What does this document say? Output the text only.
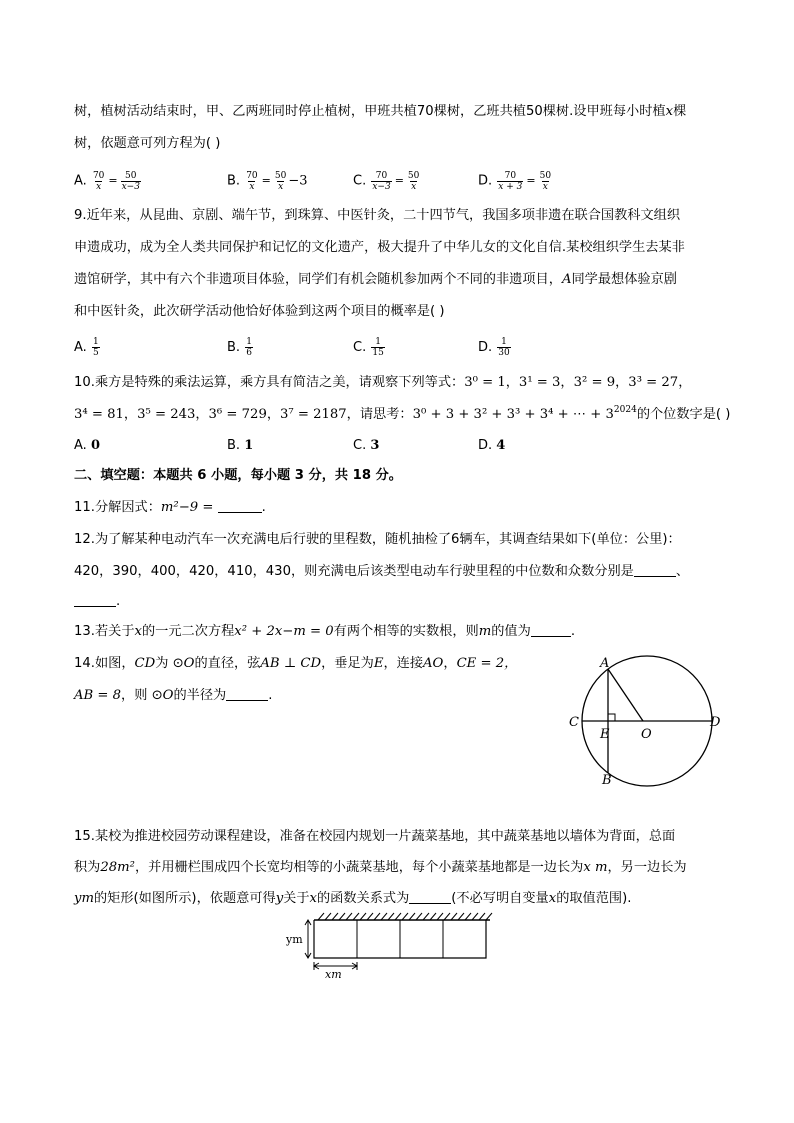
树，植树活动结束时，甲、乙两班同时停止植树，甲班共植70棵树，乙班共植50棵树.设甲班每小时植x棵
树，依题意可列方程为( )
A. $\frac{70}{x} = \frac{50}{x-3}$	B. $\frac{70}{x} = \frac{50}{x} -3$	C. $\frac{70}{x-3} = \frac{50}{x}$	D. $\frac{70}{x + 3} = \frac{50}{x}$
9.近年来，从昆曲、京剧、端午节，到珠算、中医针灸，二十四节气，我国多项非遗在联合国教科文组织
申遗成功，成为全人类共同保护和记忆的文化遗产，极大提升了中华儿女的文化自信.某校组织学生去某非
遗馆研学，其中有六个非遗项目体验，同学们有机会随机参加两个不同的非遗项目，A同学最想体验京剧
和中医针灸，此次研学活动他恰好体验到这两个项目的概率是( )
A. $\frac{1}{5}$	B. $\frac{1}{6}$	C. $\frac{1}{15}$	D. $\frac{1}{30}$
10.乘方是特殊的乘法运算，乘方具有简洁之美，请观察下列等式：3⁰ = 1，3¹ = 3，3² = 9，3³ = 27，
3⁴ = 81，3⁵ = 243，3⁶ = 729，3⁷ = 2187，请思考：3⁰ + 3 + 3² + 3³ + 3⁴ + ⋯ + $3^{2024}$的个位数字是( )
A. 0	B. 1	C. 3	D. 4
二、填空题：本题共 6 小题，每小题 3 分，共 18 分。
11.分解因式：m²−9 =	.
12.为了解某种电动汽车一次充满电后行驶的里程数，随机抽检了6辆车，其调查结果如下(单位：公里)：
420，390，400，420，410，430，则充满电后该类型电动车行驶里程的中位数和众数分别是	、
.
13.若关于x的一元二次方程x² + 2x−m = 0有两个相等的实数根，则m的值为	.
14.如图，CD为 ⊙O的直径，弦AB ⊥ CD，垂足为E，连接AO，CE = 2，
AB = 8，则 ⊙O的半径为	.
A
B
C	D
E O
15.某校为推进校园劳动课程建设，准备在校园内规划一片蔬菜基地，其中蔬菜基地以墙体为背面，总面
积为28m²，并用栅栏围成四个长宽均相等的小蔬菜基地，每个小蔬菜基地都是一边长为x m，另一边长为
ym的矩形(如图所示)，依题意可得y关于x的函数关系式为	(不必写明自变量x的取值范围).
ym
xm
